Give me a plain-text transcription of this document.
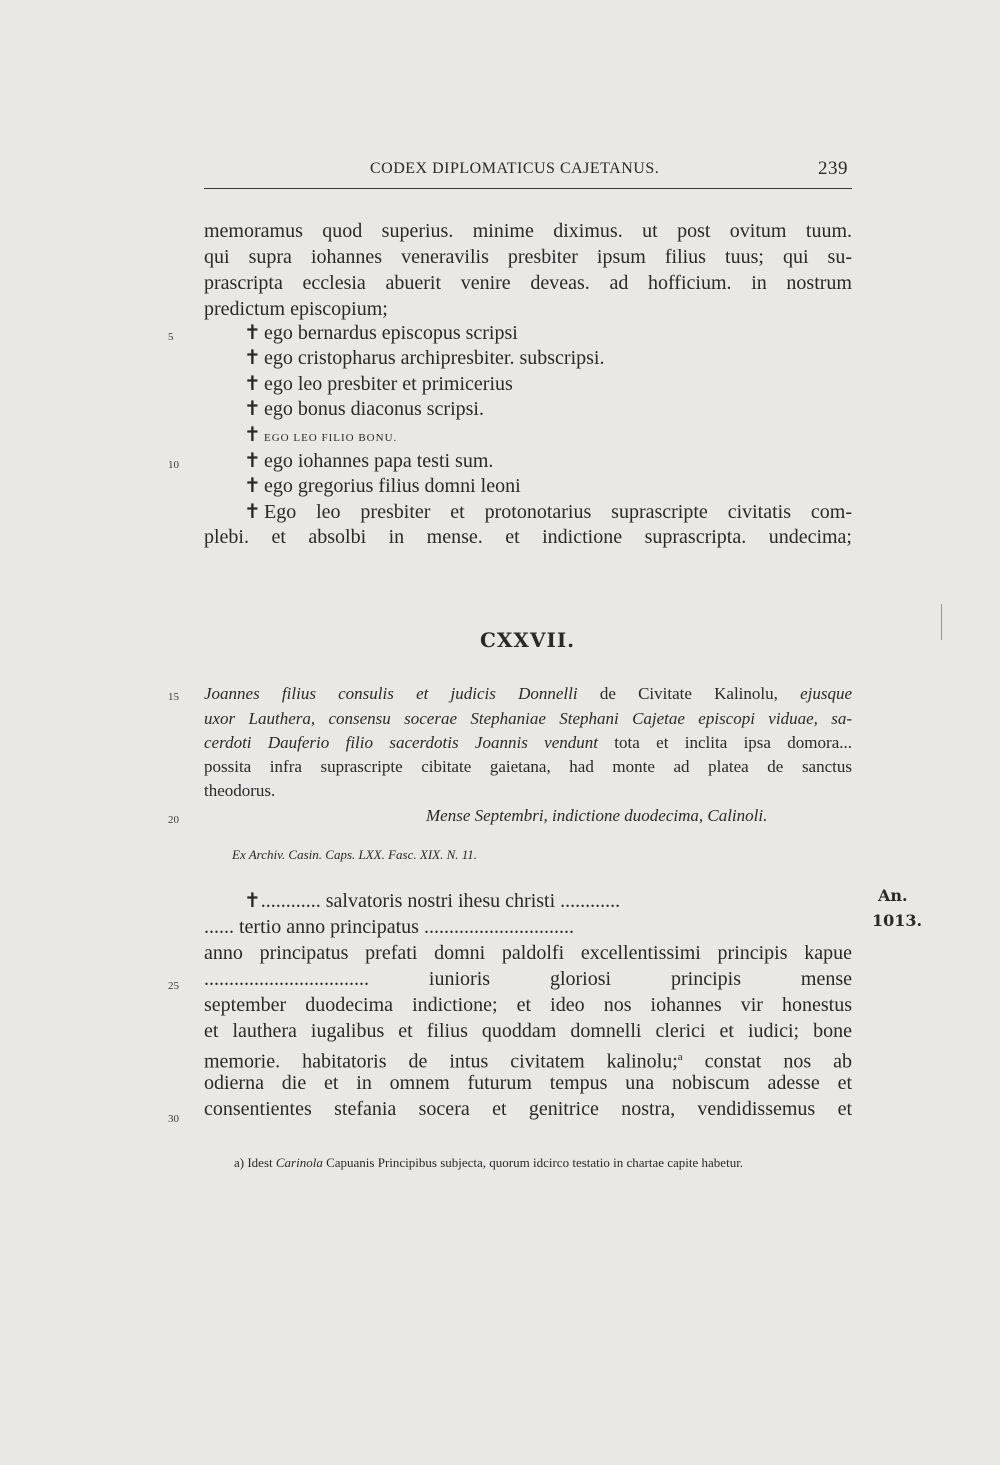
CODEX DIPLOMATICUS CAJETANUS.	239
5
10
15
20
25
30
memoramus quod superius. minime diximus. ut post ovitum tuum.
qui supra iohannes veneravilis presbiter ipsum filius tuus; qui su-
prascripta ecclesia abuerit venire deveas. ad hofficium. in nostrum
predictum episcopium;
✝ ego bernardus episcopus scripsi
✝ ego cristopharus archipresbiter. subscripsi.
✝ ego leo presbiter et primicerius
✝ ego bonus diaconus scripsi.
✝ EGO LEO FILIO BONU.
✝ ego iohannes papa testi sum.
✝ ego gregorius filius domni leoni
✝ Ego leo presbiter et protonotarius suprascripte civitatis com-
plebi. et absolbi in mense. et indictione suprascripta. undecima;
CXXVII.
Joannes filius consulis et judicis Donnelli de Civitate Kalinolu, ejusque
uxor Lauthera, consensu socerae Stephaniae Stephani Cajetae episcopi viduae, sa-
cerdoti Dauferio filio sacerdotis Joannis vendunt tota et inclita ipsa domora...
possita infra suprascripte cibitate gaietana, had monte ad platea de sanctus
theodorus.
Mense Septembri, indictione duodecima, Calinoli.
Ex Archiv. Casin. Caps. LXX. Fasc. XIX. N. 11.
An.
1013.
✝............ salvatoris nostri ihesu christi ............
...... tertio anno principatus ..............................
anno principatus prefati domni paldolfi excellentissimi principis kapue
................................. iunioris gloriosi principis mense
september duodecima indictione; et ideo nos iohannes vir honestus
et lauthera iugalibus et filius quoddam domnelli clerici et iudici; bone
memorie. habitatoris de intus civitatem kalinolu;$^a$ constat nos ab
odierna die et in omnem futurum tempus una nobiscum adesse et
consentientes stefania socera et genitrice nostra, vendidissemus et
a) Idest Carinola Capuanis Principibus subjecta, quorum idcirco testatio in chartae capite habetur.
